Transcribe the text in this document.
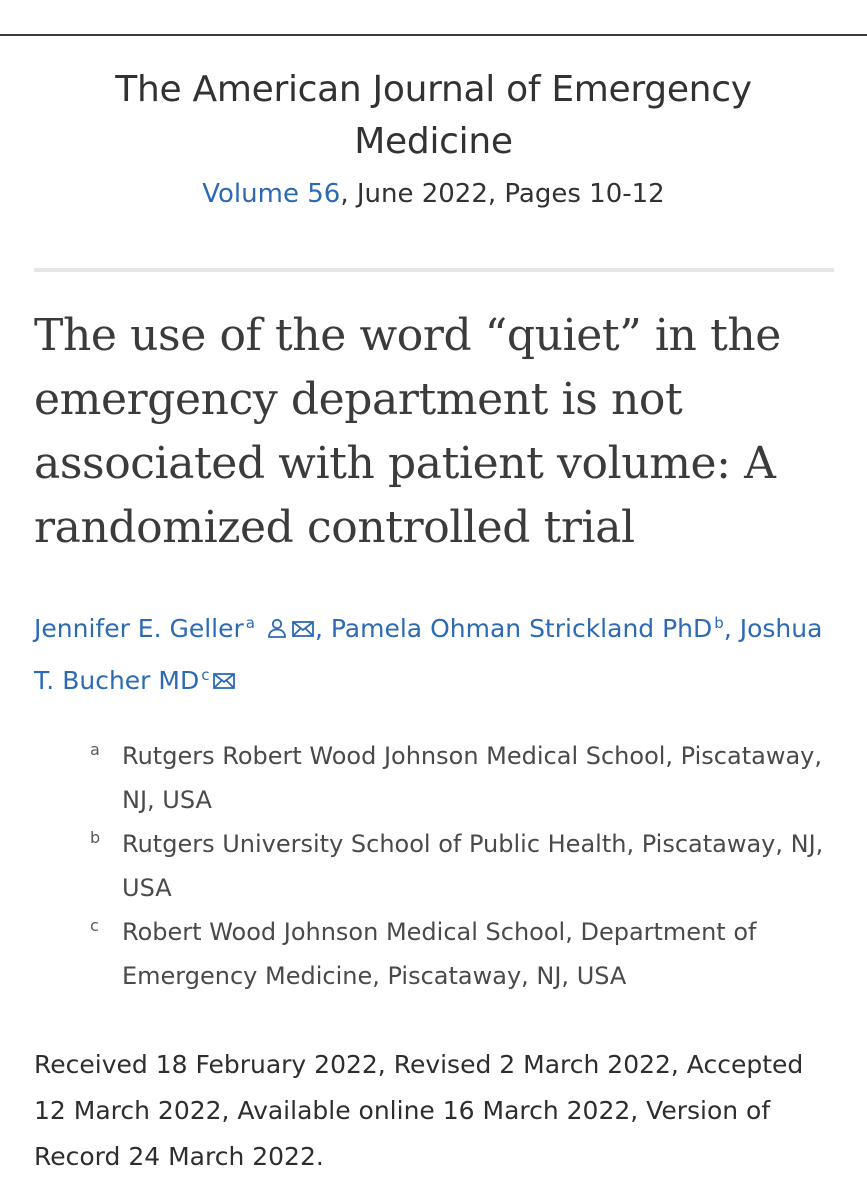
The American Journal of Emergency Medicine
Volume 56, June 2022, Pages 10-12
The use of the word “quiet” in the emergency department is not associated with patient volume: A randomized controlled trial
Jennifer E. Geller $^a$ , Pamela Ohman Strickland PhD $^b$, Joshua T. Bucher MD $^c$
a Rutgers Robert Wood Johnson Medical School, Piscataway, NJ, USA
b Rutgers University School of Public Health, Piscataway, NJ, USA
c Robert Wood Johnson Medical School, Department of Emergency Medicine, Piscataway, NJ, USA
Received 18 February 2022, Revised 2 March 2022, Accepted 12 March 2022, Available online 16 March 2022, Version of Record 24 March 2022.
